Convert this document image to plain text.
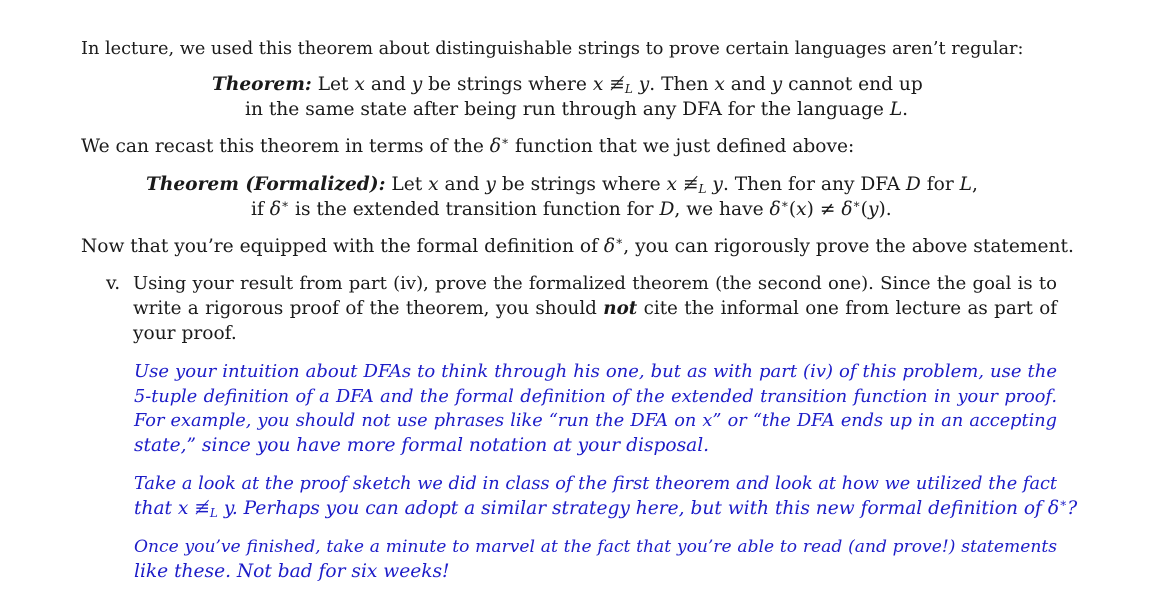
In lecture, we used this theorem about distinguishable strings to prove certain languages aren’t regular:
Theorem: Let x and y be strings where x $≢_L$ y. Then x and y cannot end up
in the same state after being run through any DFA for the language L.
We can recast this theorem in terms of the δ∗ function that we just defined above:
Theorem (Formalized): Let x and y be strings where x $≢_L$ y. Then for any DFA D for L,
if δ∗ is the extended transition function for D, we have δ∗(x) ≠ δ∗(y).
Now that you’re equipped with the formal definition of δ∗, you can rigorously prove the above statement.
v. Using your result from part (iv), prove the formalized theorem (the second one). Since the goal is to
write a rigorous proof of the theorem, you should not cite the informal one from lecture as part of
your proof.
Use your intuition about DFAs to think through his one, but as with part (iv) of this problem, use the
5-tuple definition of a DFA and the formal definition of the extended transition function in your proof.
For example, you should not use phrases like “run the DFA on x” or “the DFA ends up in an accepting
state,” since you have more formal notation at your disposal.
Take a look at the proof sketch we did in class of the first theorem and look at how we utilized the fact
that x $≢_L$ y. Perhaps you can adopt a similar strategy here, but with this new formal definition of δ∗?
Once you’ve finished, take a minute to marvel at the fact that you’re able to read (and prove!) statements
like these. Not bad for six weeks!
